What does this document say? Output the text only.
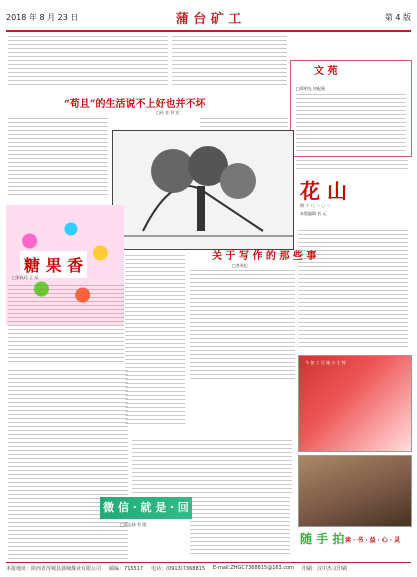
2018 年 8 月 23 日	蒲 台 矿 工	第 4 版
“苟且”的生活说不上好也并不坏
□孙 亮 符 宏
文 苑
□郑明先 诗配画
花 山
期 十 八 一 〇 二
本版编辑 若 元
糖 果 香
□张秋玲 王 东
关 于 写 作 的 那 些 事
□李英纪
今 加 工 后 施 小 主 持
微 信 · 就 是 · 回 家
□郑志扬 有 限
随 手 拍 读 · 书 · 益 · 心 · 灵
本报地址：陕西省浑城县蒲城煤业有限公司 邮编：715517 电话：(0913)7368815 E-mail:ZHGC7368815@163.com 印刷：汉中杰文印刷
